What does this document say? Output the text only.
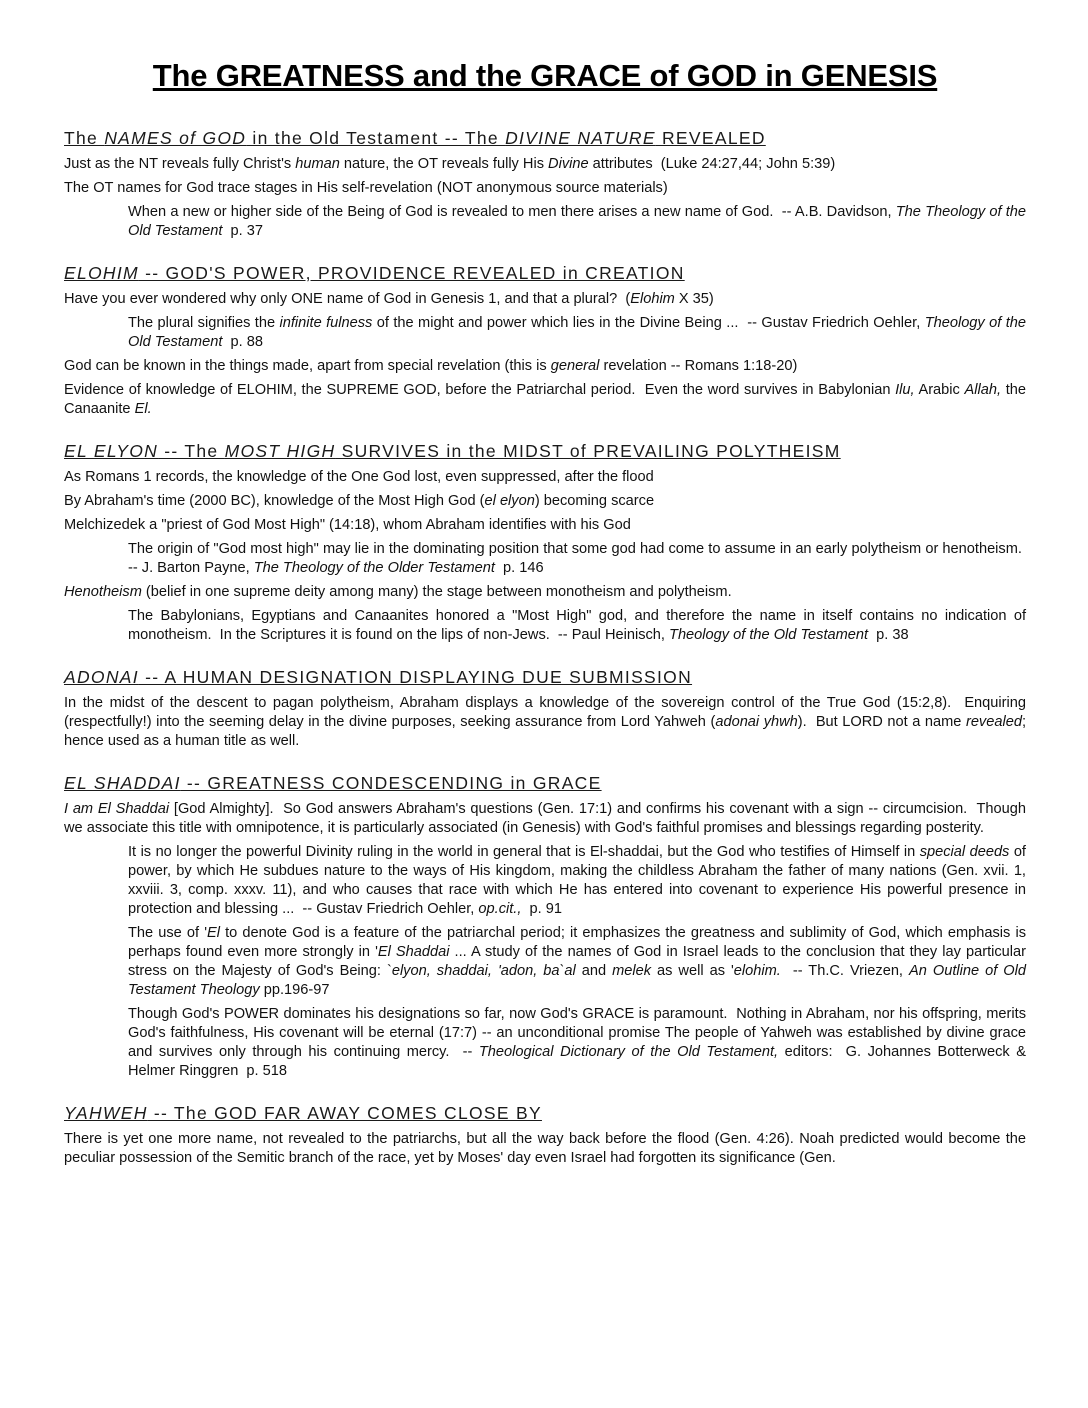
The GREATNESS and the GRACE of GOD in GENESIS
The NAMES of GOD in the Old Testament -- The DIVINE NATURE REVEALED

Just as the NT reveals fully Christ's human nature, the OT reveals fully His Divine attributes  (Luke 24:27,44; John 5:39)

The OT names for God trace stages in His self-revelation (NOT anonymous source materials)

When a new or higher side of the Being of God is revealed to men there arises a new name of God.  -- A.B. Davidson, The Theology of the Old Testament  p. 37

ELOHIM -- GOD'S POWER, PROVIDENCE REVEALED in CREATION

Have you ever wondered why only ONE name of God in Genesis 1, and that a plural?  (Elohim X 35)

The plural signifies the infinite fulness of the might and power which lies in the Divine Being ...  -- Gustav Friedrich Oehler, Theology of the Old Testament  p. 88

God can be known in the things made, apart from special revelation (this is general revelation -- Romans 1:18-20)

Evidence of knowledge of ELOHIM, the SUPREME GOD, before the Patriarchal period.  Even the word survives in Babylonian Ilu, Arabic Allah, the Canaanite El.

EL ELYON -- The MOST HIGH SURVIVES in the MIDST of PREVAILING POLYTHEISM

As Romans 1 records, the knowledge of the One God lost, even suppressed, after the flood

By Abraham's time (2000 BC), knowledge of the Most High God (el elyon) becoming scarce

Melchizedek a "priest of God Most High" (14:18), whom Abraham identifies with his God

The origin of "God most high" may lie in the dominating position that some god had come to assume in an early polytheism or henotheism.  -- J. Barton Payne, The Theology of the Older Testament  p. 146

Henotheism (belief in one supreme deity among many) the stage between monotheism and polytheism.

The Babylonians, Egyptians and Canaanites honored a "Most High" god, and therefore the name in itself contains no indication of monotheism.  In the Scriptures it is found on the lips of non-Jews.  -- Paul Heinisch, Theology of the Old Testament  p. 38

ADONAI -- A HUMAN DESIGNATION DISPLAYING DUE SUBMISSION

In the midst of the descent to pagan polytheism, Abraham displays a knowledge of the sovereign control of the True God (15:2,8).  Enquiring (respectfully!) into the seeming delay in the divine purposes, seeking assurance from Lord Yahweh (adonai yhwh).  But LORD not a name revealed; hence used as a human title as well.

EL SHADDAI -- GREATNESS CONDESCENDING in GRACE

I am El Shaddai [God Almighty].  So God answers Abraham's questions (Gen. 17:1) and confirms his covenant with a sign -- circumcision.  Though we associate this title with omnipotence, it is particularly associated (in Genesis) with God's faithful promises and blessings regarding posterity.

It is no longer the powerful Divinity ruling in the world in general that is El-shaddai, but the God who testifies of Himself in special deeds of power, by which He subdues nature to the ways of His kingdom, making the childless Abraham the father of many nations (Gen. xvii. 1, xxviii. 3, comp. xxxv. 11), and who causes that race with which He has entered into covenant to experience His powerful presence in protection and blessing ...  -- Gustav Friedrich Oehler, op.cit.,  p. 91

The use of 'El to denote God is a feature of the patriarchal period; it emphasizes the greatness and sublimity of God, which emphasis is perhaps found even more strongly in 'El Shaddai ... A study of the names of God in Israel leads to the conclusion that they lay particular stress on the Majesty of God's Being: `elyon, shaddai, 'adon, ba`al and melek as well as 'elohim.  -- Th.C. Vriezen, An Outline of Old Testament Theology pp.196-97

Though God's POWER dominates his designations so far, now God's GRACE is paramount.  Nothing in Abraham, nor his offspring, merits God's faithfulness, His covenant will be eternal (17:7) -- an unconditional promise The people of Yahweh was established by divine grace and survives only through his continuing mercy.  -- Theological Dictionary of the Old Testament, editors:  G. Johannes Botterweck & Helmer Ringgren  p. 518

YAHWEH -- The GOD FAR AWAY COMES CLOSE BY

There is yet one more name, not revealed to the patriarchs, but all the way back before the flood (Gen. 4:26). Noah predicted would become the peculiar possession of the Semitic branch of the race, yet by Moses' day even Israel had forgotten its significance (Gen.
